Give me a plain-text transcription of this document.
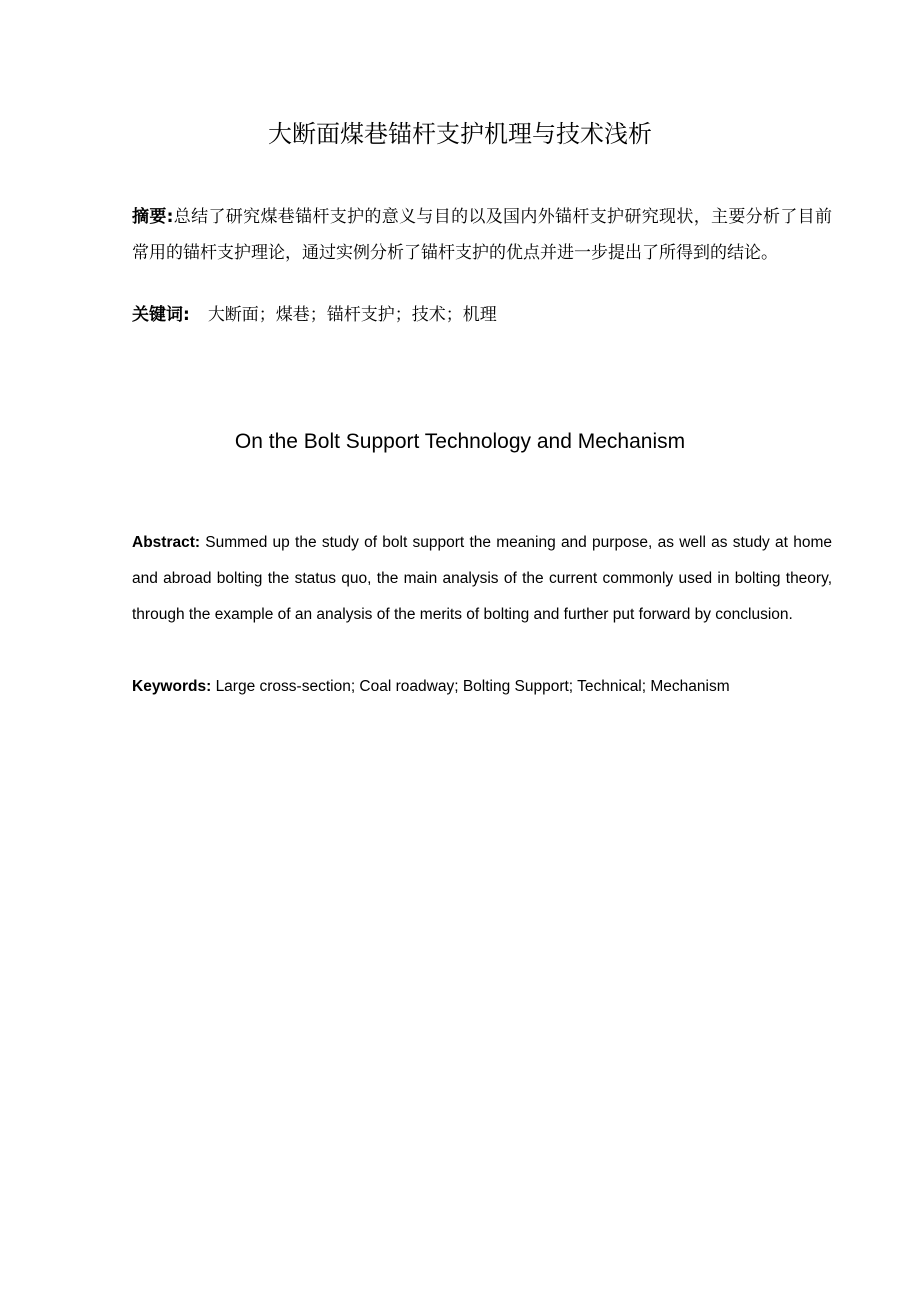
大断面煤巷锚杆支护机理与技术浅析

摘要:总结了研究煤巷锚杆支护的意义与目的以及国内外锚杆支护研究现状，主要分析了目前常用的锚杆支护理论，通过实例分析了锚杆支护的优点并进一步提出了所得到的结论。

关键词: 大断面；煤巷；锚杆支护；技术；机理

On the Bolt Support Technology and Mechanism

Abstract: Summed up the study of bolt support the meaning and purpose, as well as study at home and abroad bolting the status quo, the main analysis of the current commonly used in bolting theory, through the example of an analysis of the merits of bolting and further put forward by conclusion.

Keywords: Large cross-section; Coal roadway; Bolting Support; Technical; Mechanism
